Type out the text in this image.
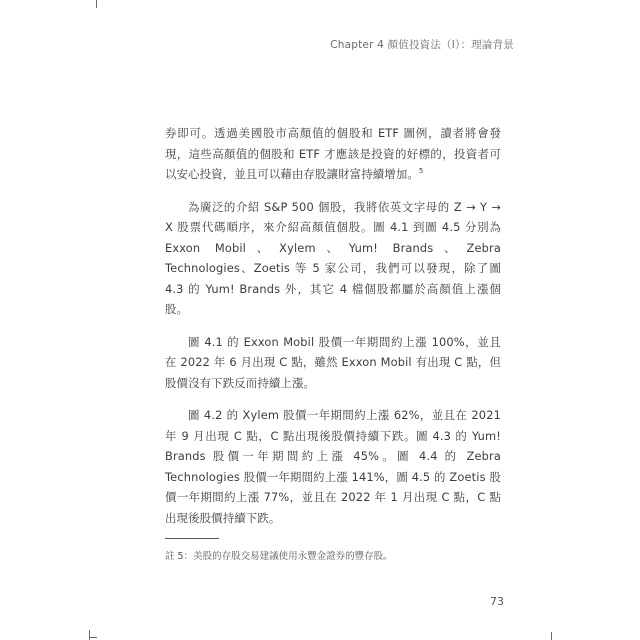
Chapter 4 顏值投資法（I）：理論背景

券即可。透過美國股市高顏值的個股和 ETF 圖例，讀者將會發現，這些高顏值的個股和 ETF 才應該是投資的好標的，投資者可以安心投資，並且可以藉由存股讓財富持續增加。$^5$

為廣泛的介紹 S&P 500 個股，我將依英文字母的 Z → Y → X 股票代碼順序，來介紹高顏值個股。圖 4.1 到圖 4.5 分別為 Exxon Mobil、Xylem、Yum! Brands、Zebra Technologies、Zoetis 等 5 家公司，我們可以發現，除了圖 4.3 的 Yum! Brands 外，其它 4 檔個股都屬於高顏值上漲個股。

圖 4.1 的 Exxon Mobil 股價一年期間約上漲 100%，並且在 2022 年 6 月出現 C 點，雖然 Exxon Mobil 有出現 C 點，但股價沒有下跌反而持續上漲。

圖 4.2 的 Xylem 股價一年期間約上漲 62%，並且在 2021 年 9 月出現 C 點，C 點出現後股價持續下跌。圖 4.3 的 Yum! Brands 股價一年期間約上漲 45%。圖 4.4 的 Zebra Technologies 股價一年期間約上漲 141%，圖 4.5 的 Zoetis 股價一年期間約上漲 77%，並且在 2022 年 1 月出現 C 點，C 點出現後股價持續下跌。

註 5：美股的存股交易建議使用永豐金證券的豐存股。
73
